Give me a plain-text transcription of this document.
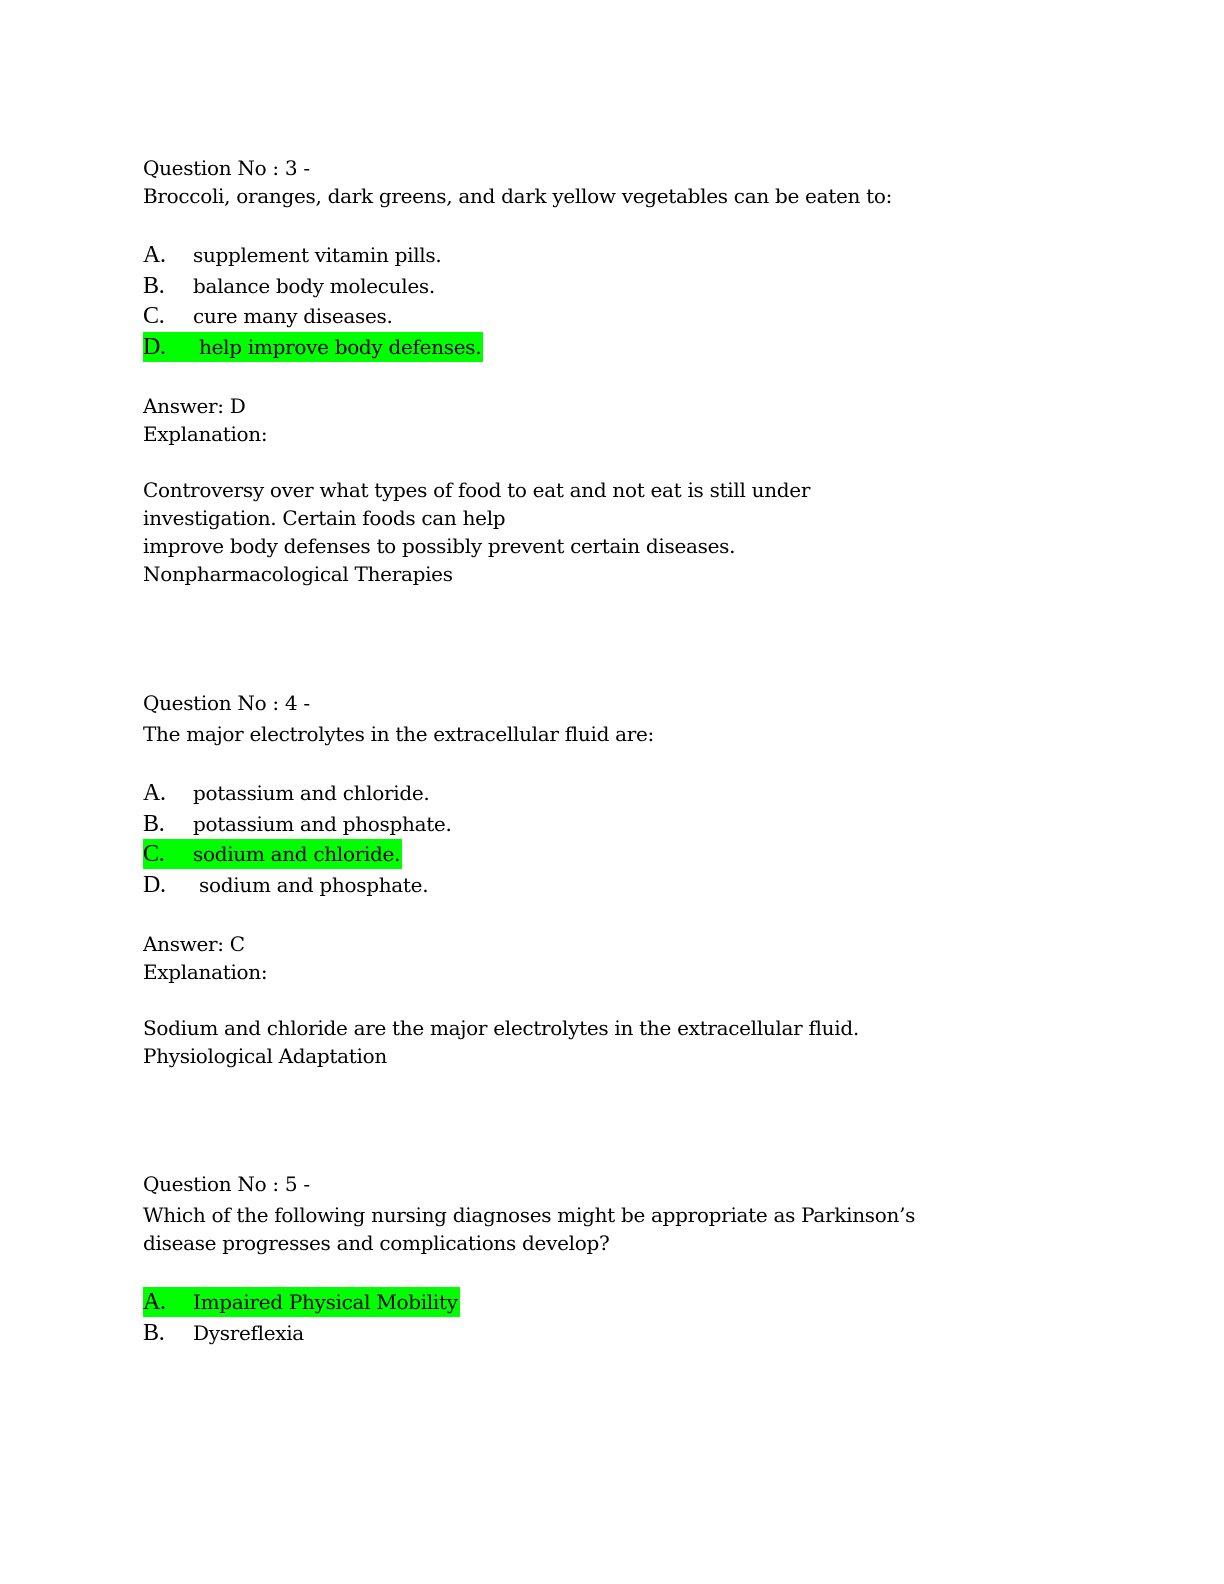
Question No : 3 -
Broccoli, oranges, dark greens, and dark yellow vegetables can be eaten to:
A. supplement vitamin pills.
B. balance body molecules.
C. cure many diseases.
D. help improve body defenses.
Answer: D
Explanation:
Controversy over what types of food to eat and not eat is still under
investigation. Certain foods can help
improve body defenses to possibly prevent certain diseases.
Nonpharmacological Therapies
Question No : 4 -
The major electrolytes in the extracellular fluid are:
A. potassium and chloride.
B. potassium and phosphate.
C. sodium and chloride.
D. sodium and phosphate.
Answer: C
Explanation:
Sodium and chloride are the major electrolytes in the extracellular fluid.
Physiological Adaptation
Question No : 5 -
Which of the following nursing diagnoses might be appropriate as Parkinson’s
disease progresses and complications develop?
A. Impaired Physical Mobility
B. Dysreflexia
